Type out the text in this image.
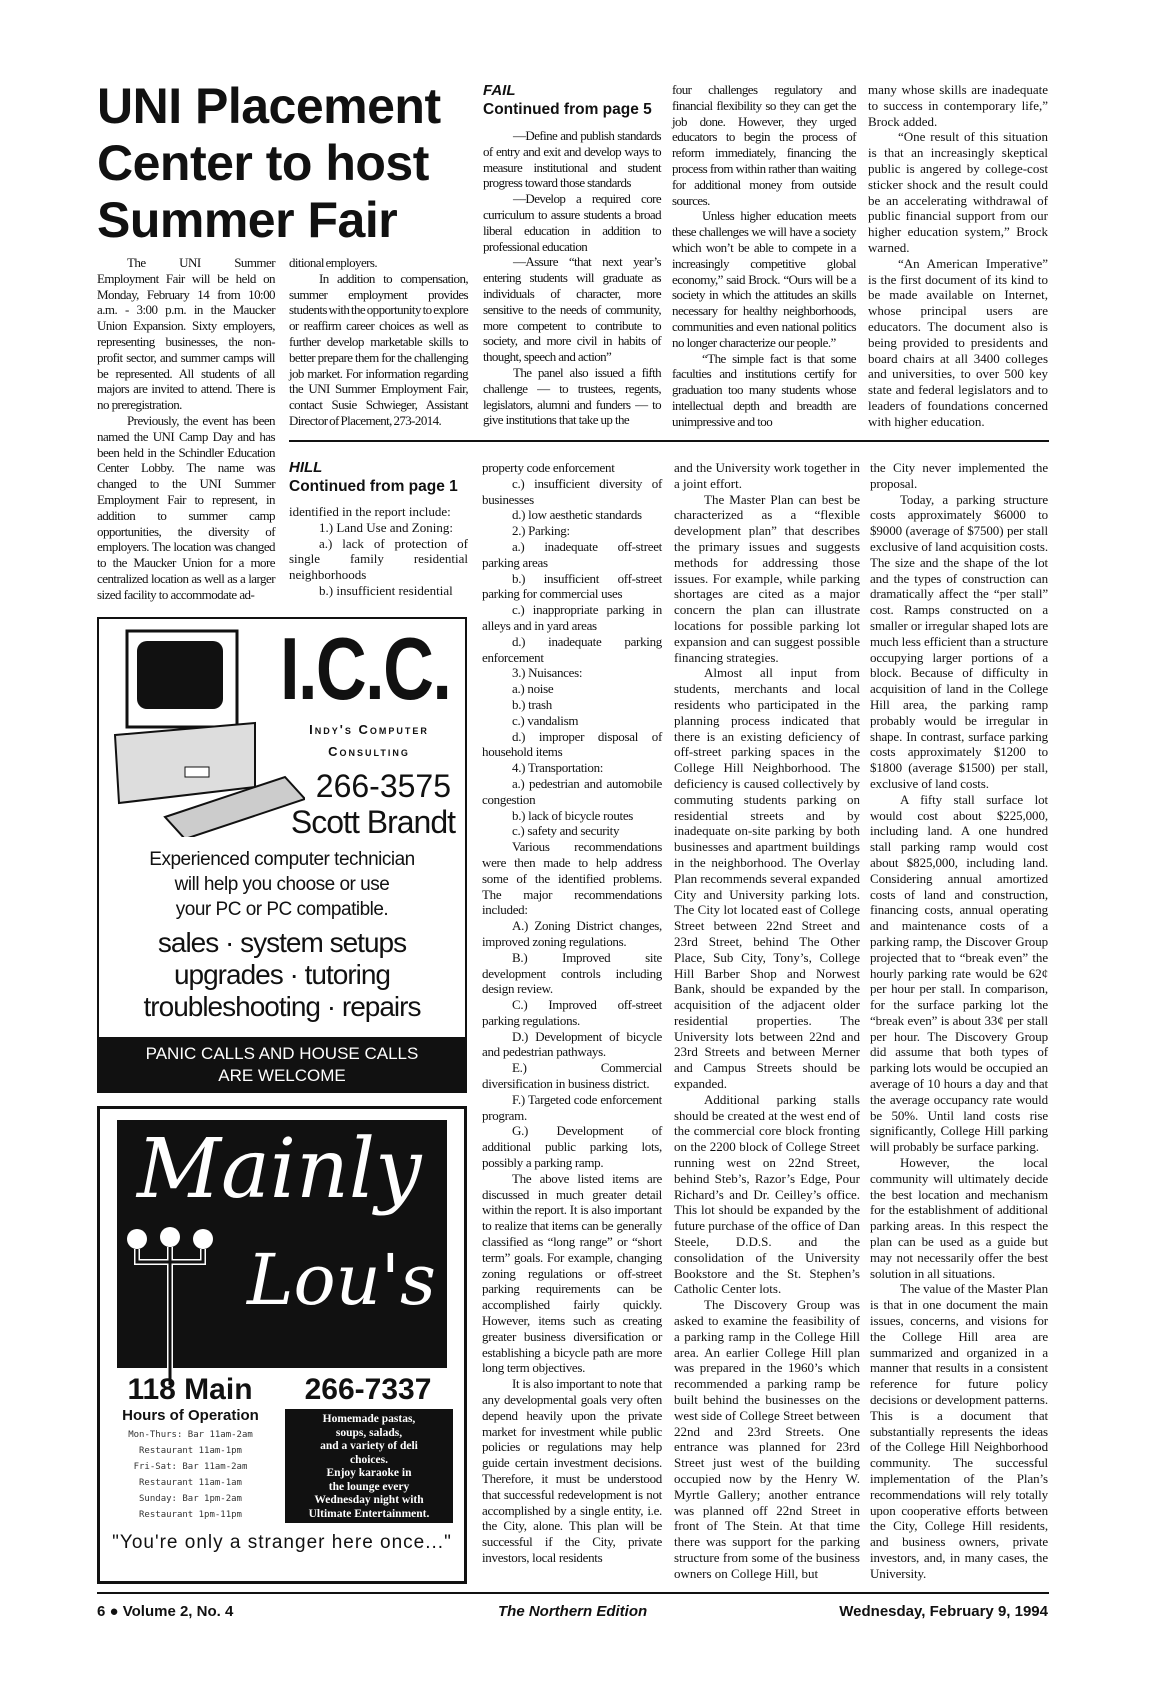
UNI Placement
Center to host
Summer Fair

The UNI Summer Employment Fair will be held on Monday, February 14 from 10:00 a.m. - 3:00 p.m. in the Maucker Union Expansion. Sixty employers, representing businesses, the non-profit sector, and summer camps will be represented. All students of all majors are invited to attend. There is no preregistration.

Previously, the event has been named the UNI Camp Day and has been held in the Schindler Education Center Lobby. The name was changed to the UNI Summer Employment Fair to represent, in addition to summer camp opportunities, the diversity of employers. The location was changed to the Maucker Union for a more centralized location as well as a larger sized facility to accommodate ad-

ditional employers.

In addition to compensation, summer employment provides students with the opportunity to explore or reaffirm career choices as well as further develop marketable skills to better prepare them for the challenging job market. For information regarding the UNI Summer Employment Fair, contact Susie Schwieger, Assistant Director of Placement, 273-2014.

FAIL
Continued from page 5

—Define and publish standards of entry and exit and develop ways to measure institutional and student progress toward those standards

—Develop a required core curriculum to assure students a broad liberal education in addition to professional education

—Assure “that next year’s entering students will graduate as individuals of character, more sensitive to the needs of community, more competent to contribute to society, and more civil in habits of thought, speech and action”

The panel also issued a fifth challenge — to trustees, regents, legislators, alumni and funders — to give institutions that take up the

four challenges regulatory and financial flexibility so they can get the job done. However, they urged educators to begin the process of reform immediately, financing the process from within rather than waiting for additional money from outside sources.

Unless higher education meets these challenges we will have a society which won’t be able to compete in a increasingly competitive global economy,” said Brock. “Ours will be a society in which the attitudes an skills necessary for healthy neighborhoods, communities and even national politics no longer characterize our people.”

“The simple fact is that some faculties and institutions certify for graduation too many students whose intellectual depth and breadth are unimpressive and too

many whose skills are inadequate to success in contemporary life,” Brock added.

“One result of this situation is that an increasingly skeptical public is angered by college-cost sticker shock and the result could be an accelerating withdrawal of public financial support from our higher education system,” Brock warned.

“An American Imperative” is the first document of its kind to be made available on Internet, whose principal users are educators. The document also is being provided to presidents and board chairs at all 3400 colleges and universities, to over 500 key state and federal legislators and to leaders of foundations concerned with higher education.

HILL
Continued from page 1

identified in the report include:

1.) Land Use and Zoning:

a.) lack of protection of single family residential neighborhoods

b.) insufficient residential

property code enforcement

c.) insufficient diversity of businesses

d.) low aesthetic standards

2.) Parking:

a.) inadequate off-street parking areas

b.) insufficient off-street parking for commercial uses

c.) inappropriate parking in alleys and in yard areas

d.) inadequate parking enforcement

3.) Nuisances:

a.) noise

b.) trash

c.) vandalism

d.) improper disposal of household items

4.) Transportation:

a.) pedestrian and automobile congestion

b.) lack of bicycle routes

c.) safety and security

Various recommendations were then made to help address some of the identified problems. The major recommendations included:

A.) Zoning District changes, improved zoning regulations.

B.) Improved site development controls including design review.

C.) Improved off-street parking regulations.

D.) Development of bicycle and pedestrian pathways.

E.) Commercial diversification in business district.

F.) Targeted code enforcement program.

G.) Development of additional public parking lots, possibly a parking ramp.

The above listed items are discussed in much greater detail within the report. It is also important to realize that items can be generally classified as “long range” or “short term” goals. For example, changing zoning regulations or off-street parking requirements can be accomplished fairly quickly. However, items such as creating greater business diversification or establishing a bicycle path are more long term objectives.

It is also important to note that any developmental goals very often depend heavily upon the private market for investment while public policies or regulations may help guide certain investment decisions. Therefore, it must be understood that successful redevelopment is not accomplished by a single entity, i.e. the City, alone. This plan will be successful if the City, private investors, local residents

and the University work together in a joint effort.

The Master Plan can best be characterized as a “flexible development plan” that describes the primary issues and suggests methods for addressing those issues. For example, while parking shortages are cited as a major concern the plan can illustrate locations for possible parking lot expansion and can suggest possible financing strategies.

Almost all input from students, merchants and local residents who participated in the planning process indicated that there is an existing deficiency of off-street parking spaces in the College Hill Neighborhood. The deficiency is caused collectively by commuting students parking on residential streets and by inadequate on-site parking by both businesses and apartment buildings in the neighborhood. The Overlay Plan recommends several expanded City and University parking lots. The City lot located east of College Street between 22nd Street and 23rd Street, behind The Other Place, Sub City, Tony’s, College Hill Barber Shop and Norwest Bank, should be expanded by the acquisition of the adjacent older residential properties. The University lots between 22nd and 23rd Streets and between Merner and Campus Streets should be expanded.

Additional parking stalls should be created at the west end of the commercial core block fronting on the 2200 block of College Street running west on 22nd Street, behind Steb’s, Razor’s Edge, Pour Richard’s and Dr. Ceilley’s office. This lot should be expanded by the future purchase of the office of Dan Steele, D.D.S. and the consolidation of the University Bookstore and the St. Stephen’s Catholic Center lots.

The Discovery Group was asked to examine the feasibility of a parking ramp in the College Hill area. An earlier College Hill plan was prepared in the 1960’s which recommended a parking ramp be built behind the businesses on the west side of College Street between 22nd and 23rd Streets. One entrance was planned for 23rd Street just west of the building occupied now by the Henry W. Myrtle Gallery; another entrance was planned off 22nd Street in front of The Stein. At that time there was support for the parking structure from some of the business owners on College Hill, but

the City never implemented the proposal.

Today, a parking structure costs approximately $6000 to $9000 (average of $7500) per stall exclusive of land acquisition costs. The size and the shape of the lot and the types of construction can dramatically affect the “per stall” cost. Ramps constructed on a smaller or irregular shaped lots are much less efficient than a structure occupying larger portions of a block. Because of difficulty in acquisition of land in the College Hill area, the parking ramp probably would be irregular in shape. In contrast, surface parking costs approximately $1200 to $1800 (average $1500) per stall, exclusive of land costs.

A fifty stall surface lot would cost about $225,000, including land. A one hundred stall parking ramp would cost about $825,000, including land. Considering annual amortized costs of land and construction, financing costs, annual operating and maintenance costs of a parking ramp, the Discover Group projected that to “break even” the hourly parking rate would be 62¢ per hour per stall. In comparison, for the surface parking lot the “break even” is about 33¢ per stall per hour. The Discovery Group did assume that both types of parking lots would be occupied an average of 10 hours a day and that the average occupancy rate would be 50%. Until land costs rise significantly, College Hill parking will probably be surface parking.

However, the local community will ultimately decide the best location and mechanism for the establishment of additional parking areas. In this respect the plan can be used as a guide but may not necessarily offer the best solution in all situations.

The value of the Master Plan is that in one document the main issues, concerns, and visions for the College Hill area are summarized and organized in a manner that results in a consistent reference for future policy decisions or development patterns. This is a document that substantially represents the ideas of the College Hill Neighborhood community. The successful implementation of the Plan’s recommendations will rely totally upon cooperative efforts between the City, College Hill residents, and business owners, private investors, and, in many cases, the University.

I.C.C.
Indy's Computer
Consulting
266-3575
Scott Brandt
Experienced computer technician
will help you choose or use
your PC or PC compatible.
sales · system setups
upgrades · tutoring
troubleshooting · repairs
PANIC CALLS AND HOUSE CALLS
ARE WELCOME
Mainly
Lou's
118 Main	266-7337
Hours of Operation
Mon-Thurs: Bar 11am-2am
Restaurant 11am-1pm
Fri-Sat: Bar 11am-2am
Restaurant 11am-1am
Sunday: Bar 1pm-2am
Restaurant 1pm-11pm
Homemade pastas,
soups, salads,
and a variety of deli
choices.
Enjoy karaoke in
the lounge every
Wednesday night with
Ultimate Entertainment.
"You're only a stranger here once..."
6 ● Volume 2, No. 4	The Northern Edition	Wednesday, February 9, 1994
